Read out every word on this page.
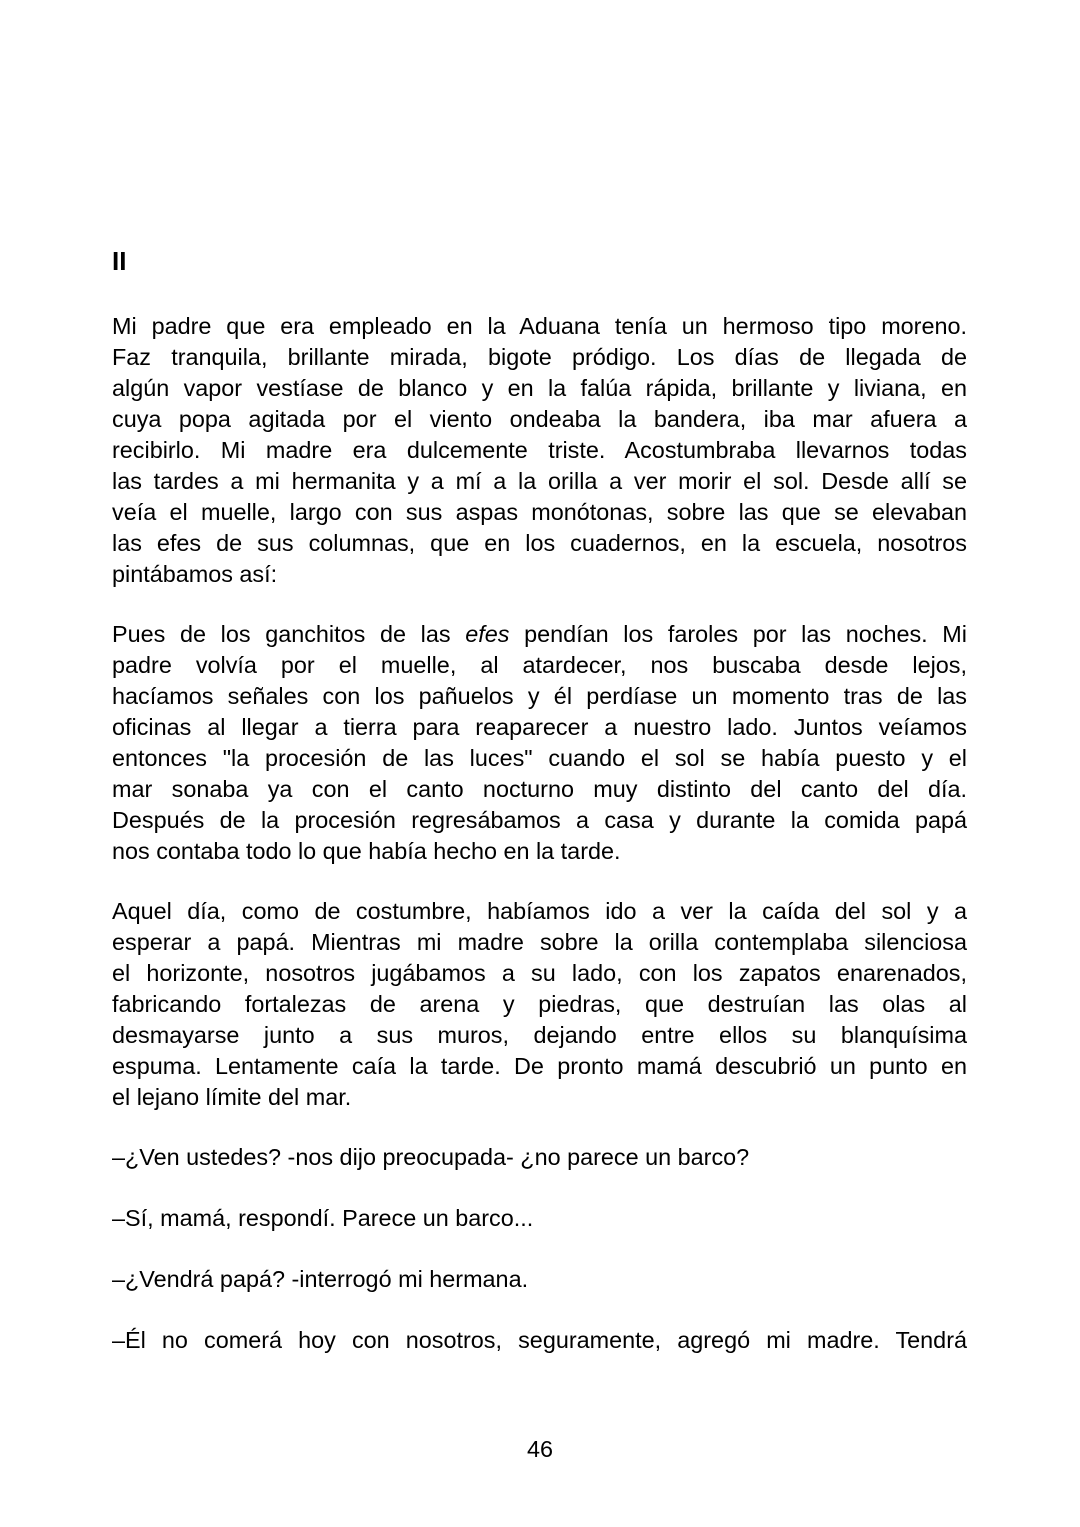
II

Mi padre que era empleado en la Aduana tenía un hermoso tipo moreno.
Faz tranquila, brillante mirada, bigote pródigo. Los días de llegada de
algún vapor vestíase de blanco y en la falúa rápida, brillante y liviana, en
cuya popa agitada por el viento ondeaba la bandera, iba mar afuera a
recibirlo. Mi madre era dulcemente triste. Acostumbraba llevarnos todas
las tardes a mi hermanita y a mí a la orilla a ver morir el sol. Desde allí se
veía el muelle, largo con sus aspas monótonas, sobre las que se elevaban
las efes de sus columnas, que en los cuadernos, en la escuela, nosotros
pintábamos así:

Pues de los ganchitos de las efes pendían los faroles por las noches. Mi
padre volvía por el muelle, al atardecer, nos buscaba desde lejos,
hacíamos señales con los pañuelos y él perdíase un momento tras de las
oficinas al llegar a tierra para reaparecer a nuestro lado. Juntos veíamos
entonces "la procesión de las luces" cuando el sol se había puesto y el
mar sonaba ya con el canto nocturno muy distinto del canto del día.
Después de la procesión regresábamos a casa y durante la comida papá
nos contaba todo lo que había hecho en la tarde.

Aquel día, como de costumbre, habíamos ido a ver la caída del sol y a
esperar a papá. Mientras mi madre sobre la orilla contemplaba silenciosa
el horizonte, nosotros jugábamos a su lado, con los zapatos enarenados,
fabricando fortalezas de arena y piedras, que destruían las olas al
desmayarse junto a sus muros, dejando entre ellos su blanquísima
espuma. Lentamente caía la tarde. De pronto mamá descubrió un punto en
el lejano límite del mar.

–¿Ven ustedes? -nos dijo preocupada- ¿no parece un barco?

–Sí, mamá, respondí. Parece un barco...

–¿Vendrá papá? -interrogó mi hermana.

–Él no comerá hoy con nosotros, seguramente, agregó mi madre. Tendrá

46
